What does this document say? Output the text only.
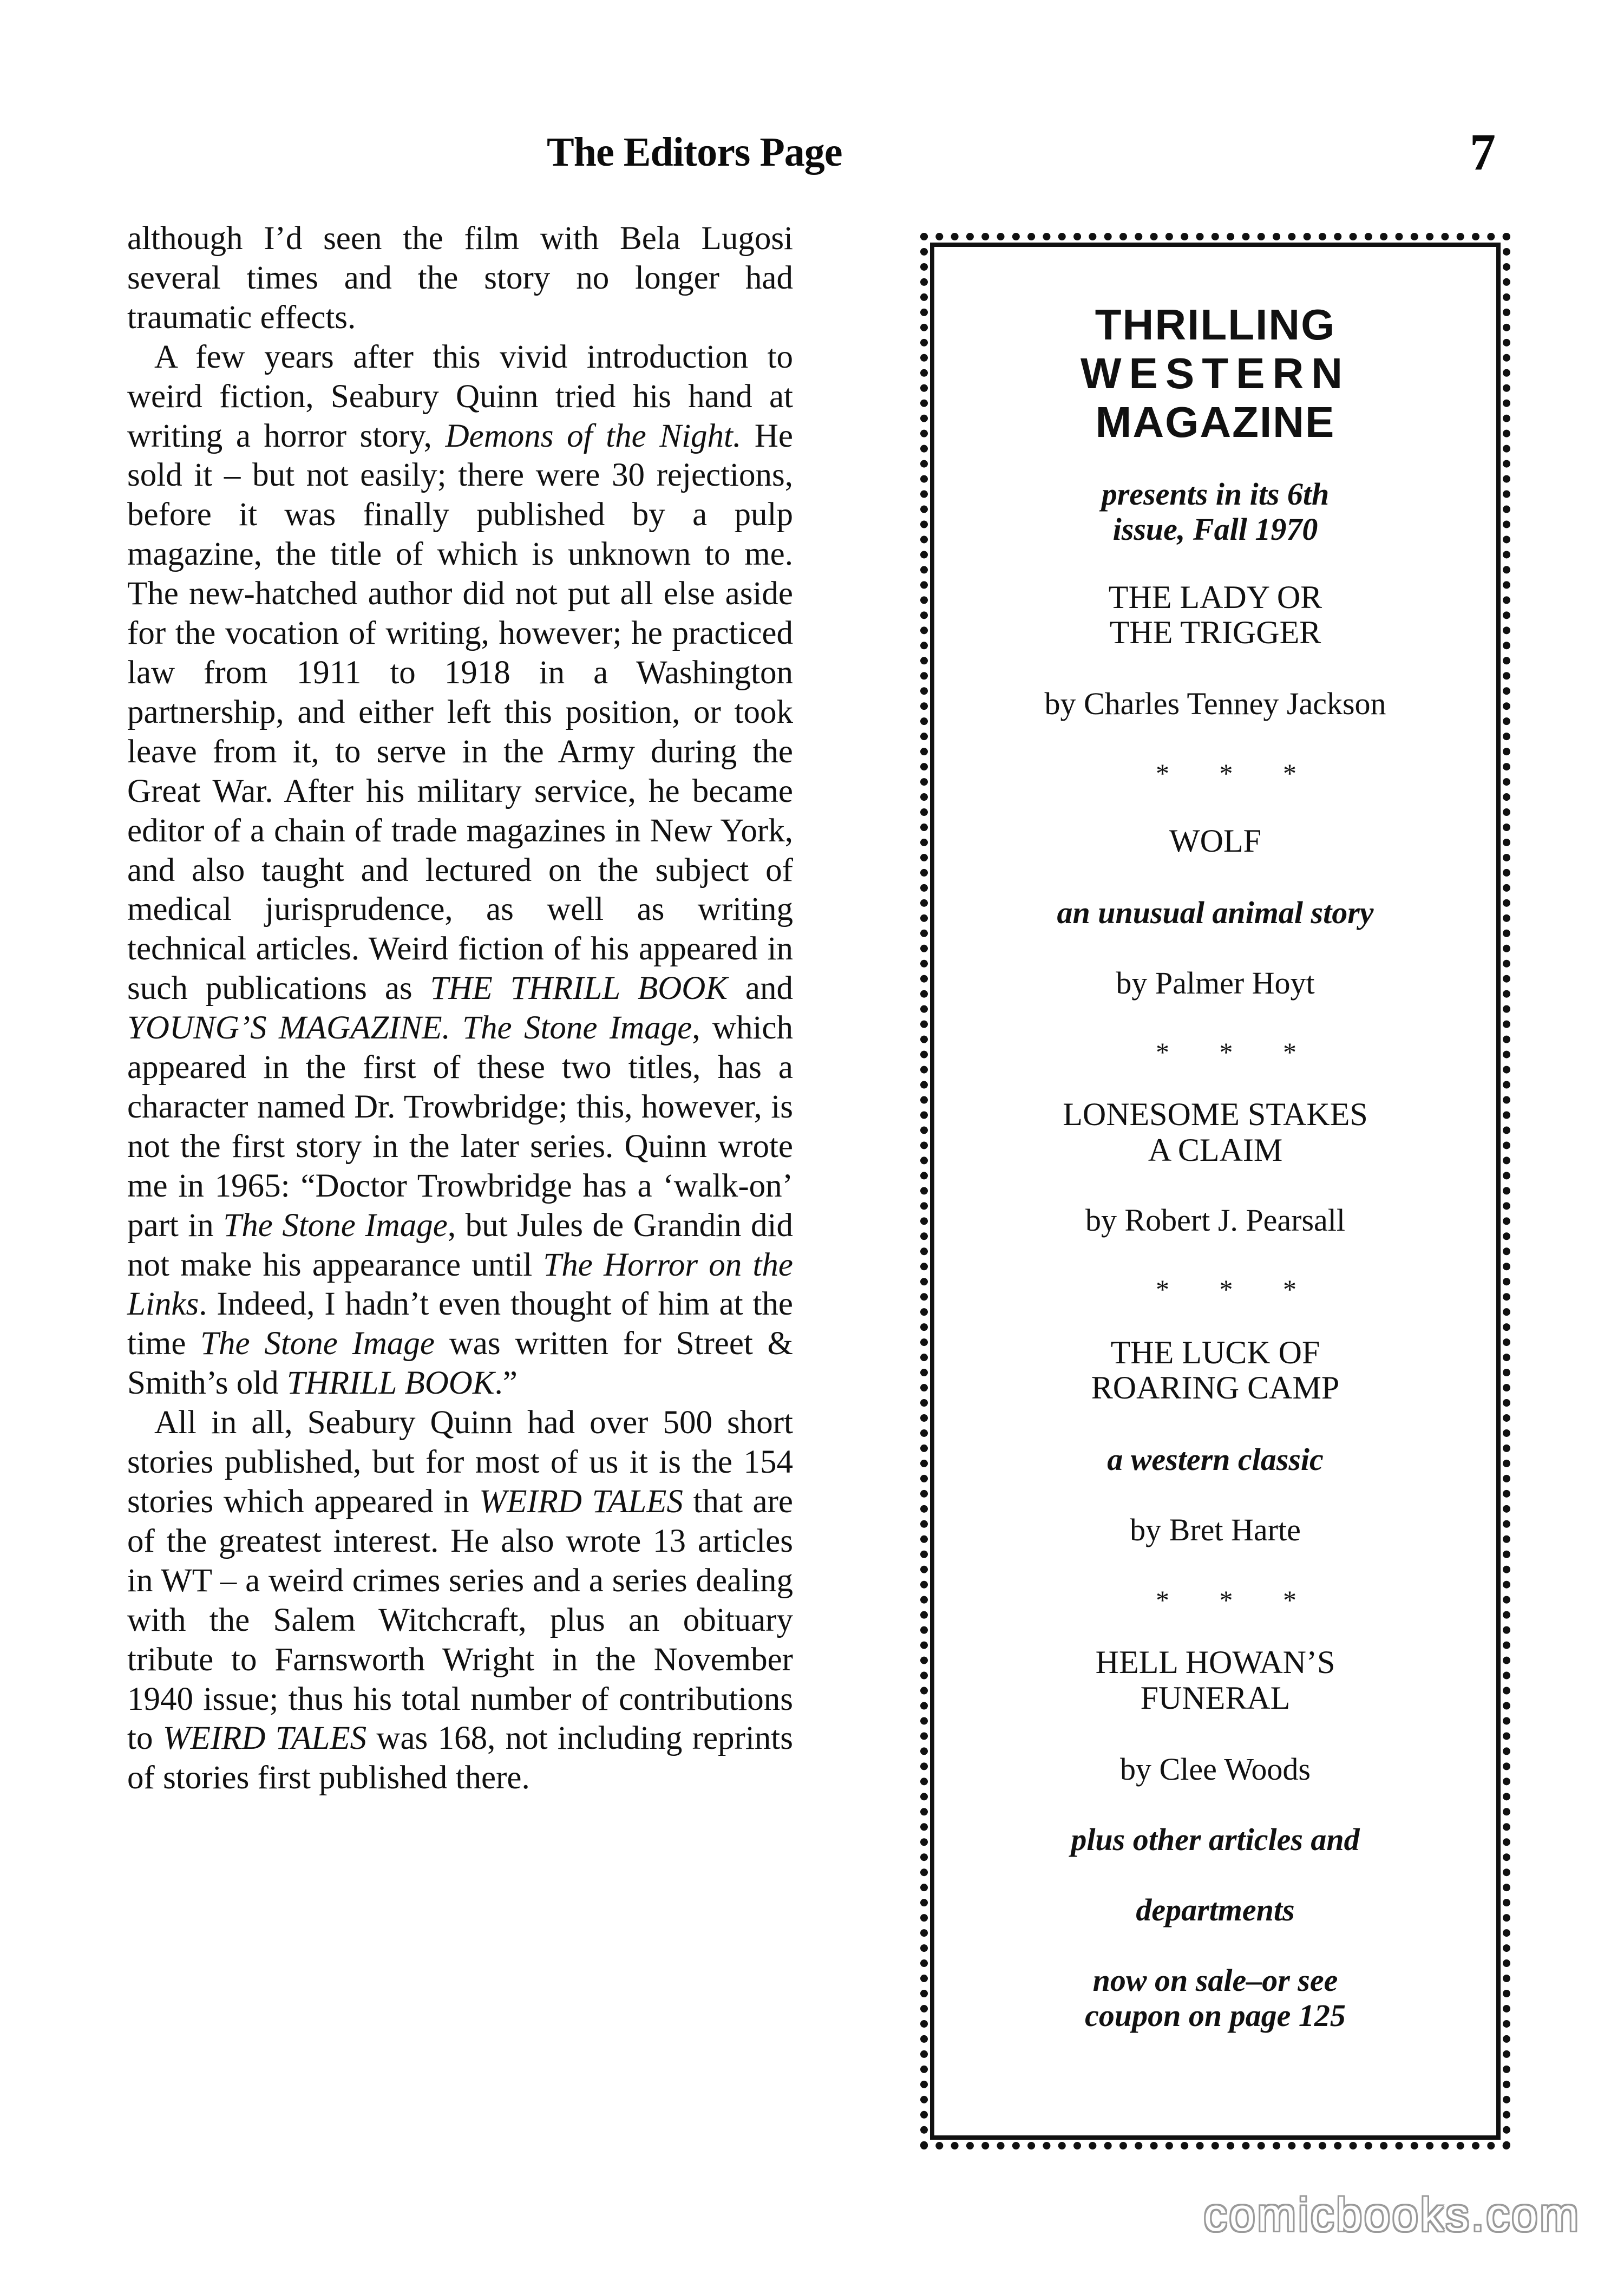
The Editors Page	7

although I’d seen the film with Bela Lugosi several times and the story no longer had traumatic effects.

A few years after this vivid introduction to weird fiction, Seabury Quinn tried his hand at writing a horror story, Demons of the Night. He sold it – but not easily; there were 30 rejections, before it was finally published by a pulp magazine, the title of which is unknown to me. The new-hatched author did not put all else aside for the vocation of writing, however; he practiced law from 1911 to 1918 in a Washington partnership, and either left this position, or took leave from it, to serve in the Army during the Great War. After his military service, he became editor of a chain of trade magazines in New York, and also taught and lectured on the subject of medical jurisprudence, as well as writing technical articles. Weird fiction of his appeared in such publications as THE THRILL BOOK and YOUNG’S MAGAZINE. The Stone Image, which appeared in the first of these two titles, has a character named Dr. Trowbridge; this, however, is not the first story in the later series. Quinn wrote me in 1965: “Doctor Trowbridge has a ‘walk-on’ part in The Stone Image, but Jules de Grandin did not make his appearance until The Horror on the Links. Indeed, I hadn’t even thought of him at the time The Stone Image was written for Street & Smith’s old THRILL BOOK.”

All in all, Seabury Quinn had over 500 short stories published, but for most of us it is the 154 stories which appeared in WEIRD TALES that are of the greatest interest. He also wrote 13 articles in WT – a weird crimes series and a series dealing with the Salem Witchcraft, plus an obituary tribute to Farnsworth Wright in the November 1940 issue; thus his total number of contributions to WEIRD TALES was 168, not including reprints of stories first published there.

THRILLING
WESTERN
MAGAZINE
presents in its 6th
issue, Fall 1970
THE LADY OR
THE TRIGGER
by Charles Tenney Jackson
* * *
WOLF
an unusual animal story
by Palmer Hoyt
* * *
LONESOME STAKES
A CLAIM
by Robert J. Pearsall
* * *
THE LUCK OF
ROARING CAMP
a western classic
by Bret Harte
* * *
HELL HOWAN’S
FUNERAL
by Clee Woods
plus other articles and
departments
now on sale–or see
coupon on page 125
comicbooks.com
